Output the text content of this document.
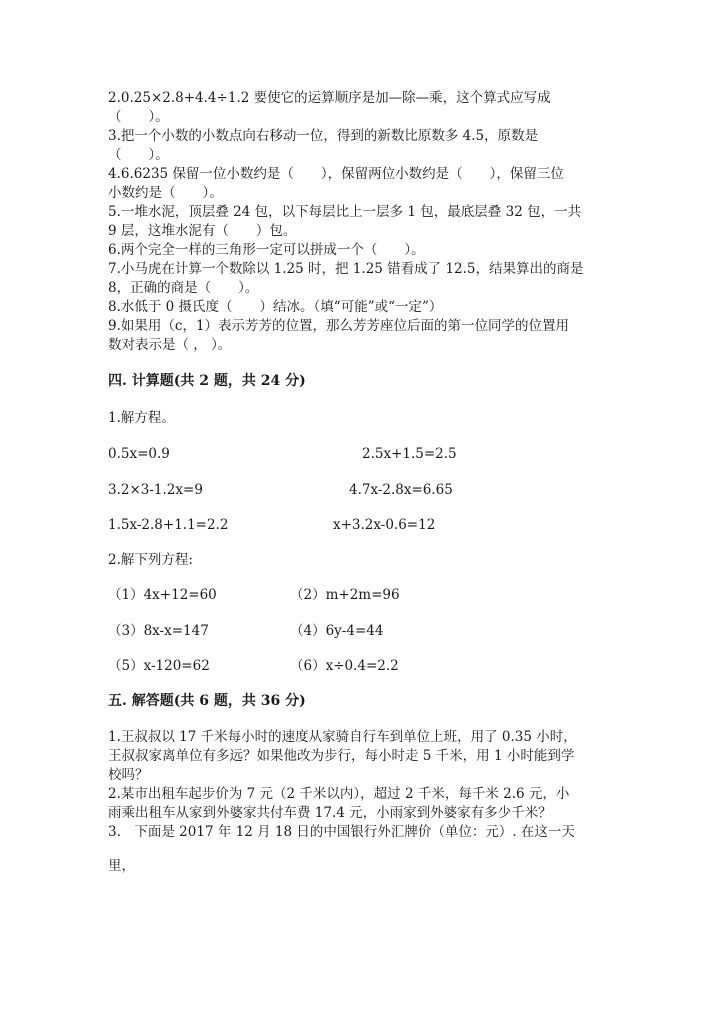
2.0.25×2.8+4.4÷1.2 要使它的运算顺序是加—除—乘，这个算式应写成
（　　）。
3.把一个小数的小数点向右移动一位，得到的新数比原数多 4.5，原数是
（　　）。
4.6.6235 保留一位小数约是（　　），保留两位小数约是（　　），保留三位
小数约是（　　）。
5.一堆水泥，顶层叠 24 包，以下每层比上一层多 1 包，最底层叠 32 包，一共
9 层，这堆水泥有（　　）包。
6.两个完全一样的三角形一定可以拼成一个（　　）。
7.小马虎在计算一个数除以 1.25 时，把 1.25 错看成了 12.5，结果算出的商是
8，正确的商是（　　）。
8.水低于 0 摄氏度（　　）结冰。（填“可能”或“一定”）
9.如果用（c，1）表示芳芳的位置，那么芳芳座位后面的第一位同学的位置用
数对表示是（ ， ）。
四. 计算题(共 2 题，共 24 分)
1.解方程。
0.5x=0.9	2.5x+1.5=2.5
3.2×3-1.2x=9	4.7x-2.8x=6.65
1.5x-2.8+1.1=2.2	x+3.2x-0.6=12
2.解下列方程:
（1）4x+12=60	（2）m+2m=96
（3）8x-x=147	（4）6y-4=44
（5）x-120=62	（6）x÷0.4=2.2
五. 解答题(共 6 题，共 36 分)
1.王叔叔以 17 千米每小时的速度从家骑自行车到单位上班，用了 0.35 小时，
王叔叔家离单位有多远？如果他改为步行，每小时走 5 千米，用 1 小时能到学
校吗？
2.某市出租车起步价为 7 元（2 千米以内），超过 2 千米，每千米 2.6 元，小
雨乘出租车从家到外婆家共付车费 17.4 元，小雨家到外婆家有多少千米？
3.　下面是 2017 年 12 月 18 日的中国银行外汇牌价（单位：元）. 在这一天
里，
